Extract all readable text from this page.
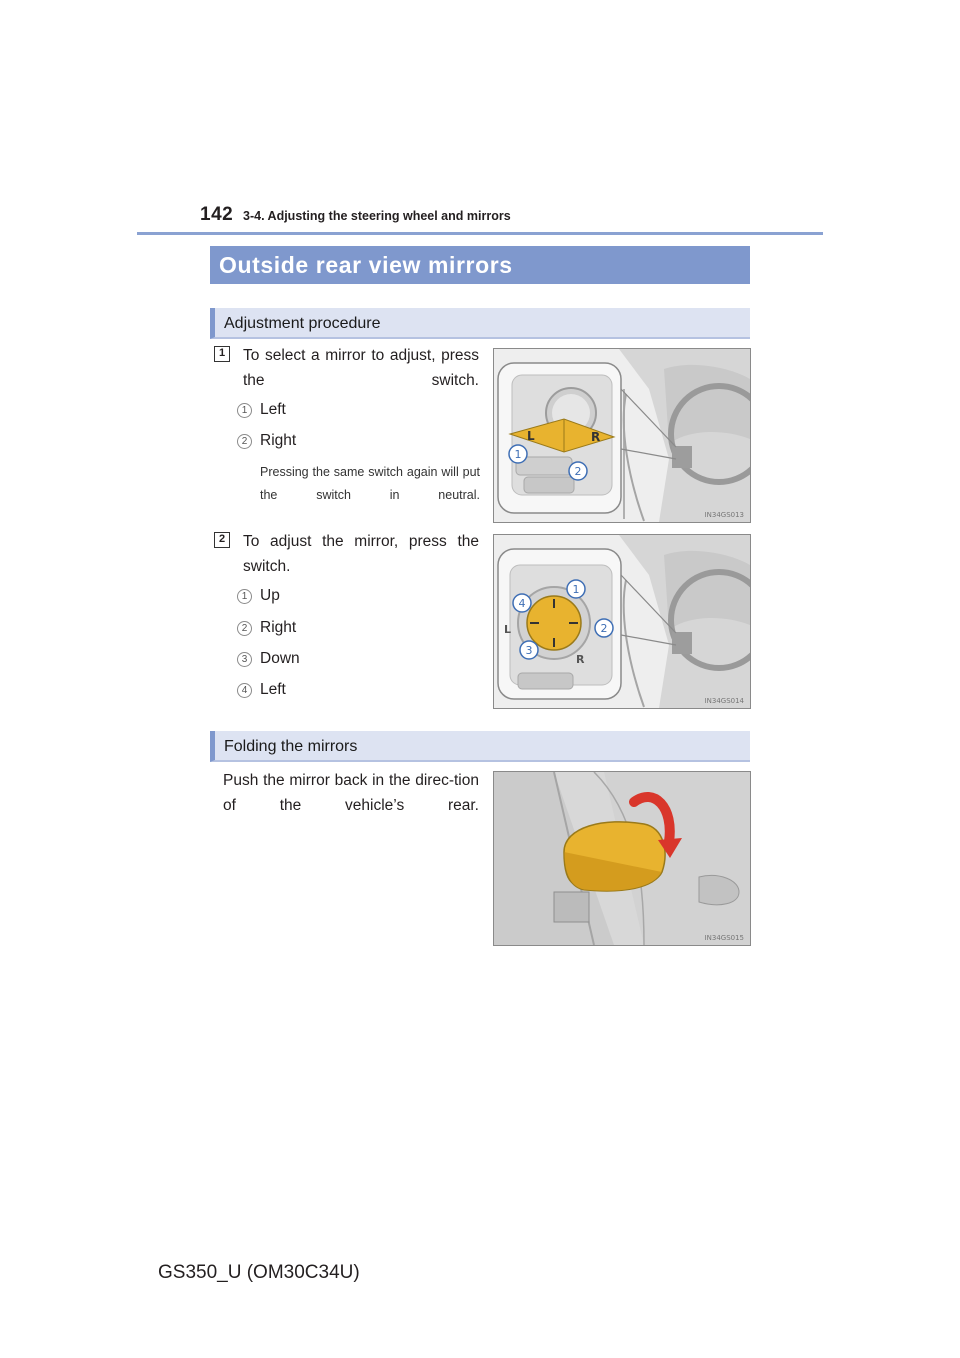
142 3-4. Adjusting the steering wheel and mirrors
Outside rear view mirrors
Adjustment procedure
1	To select a mirror to adjust, press the switch.
1 Left
2 Right
Pressing the same switch again will put the switch in neutral.
L	R
1
2
IN34GS013
2	To adjust the mirror, press the switch.
1 Up
2 Right
3 Down
4 Left
L
R
1
2
3
4
IN34GS014
Folding the mirrors
Push the mirror back in the direc-tion of the vehicle’s rear.
IN34GS015
GS350_U (OM30C34U)
